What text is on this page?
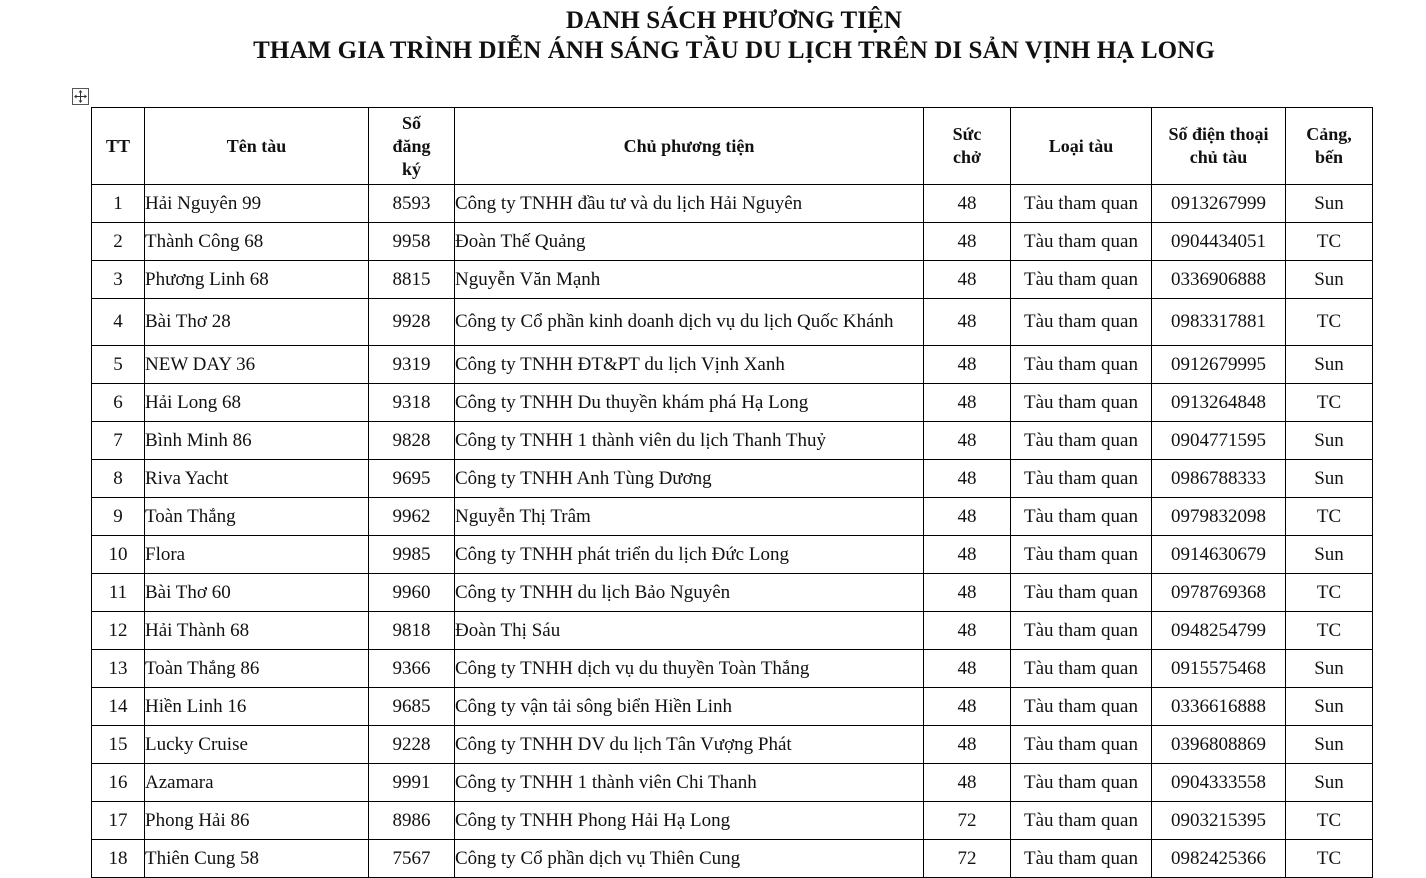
DANH SÁCH PHƯƠNG TIỆN
THAM GIA TRÌNH DIỄN ÁNH SÁNG TẦU DU LỊCH TRÊN DI SẢN VỊNH HẠ LONG
TT	Tên tàu	Số đăng ký	Chủ phương tiện	Sức chở	Loại tàu	Số điện thoại chủ tàu	Cảng, bến

1	Hải Nguyên 99	8593	Công ty TNHH đầu tư và du lịch Hải Nguyên	48	Tàu tham quan	0913267999	Sun
2	Thành Công 68	9958	Đoàn Thế Quảng	48	Tàu tham quan	0904434051	TC
3	Phương Linh 68	8815	Nguyễn Văn Mạnh	48	Tàu tham quan	0336906888	Sun
4	Bài Thơ 28	9928	Công ty Cổ phần kinh doanh dịch vụ du lịch Quốc Khánh	48	Tàu tham quan	0983317881	TC
5	NEW DAY 36	9319	Công ty TNHH ĐT&PT du lịch Vịnh Xanh	48	Tàu tham quan	0912679995	Sun
6	Hải Long 68	9318	Công ty TNHH Du thuyền khám phá Hạ Long	48	Tàu tham quan	0913264848	TC
7	Bình Minh 86	9828	Công ty TNHH 1 thành viên du lịch Thanh Thuỷ	48	Tàu tham quan	0904771595	Sun
8	Riva Yacht	9695	Công ty TNHH Anh Tùng Dương	48	Tàu tham quan	0986788333	Sun
9	Toàn Thắng	9962	Nguyễn Thị Trâm	48	Tàu tham quan	0979832098	TC
10	Flora	9985	Công ty TNHH phát triển du lịch Đức Long	48	Tàu tham quan	0914630679	Sun
11	Bài Thơ 60	9960	Công ty TNHH du lịch Bảo Nguyên	48	Tàu tham quan	0978769368	TC
12	Hải Thành 68	9818	Đoàn Thị Sáu	48	Tàu tham quan	0948254799	TC
13	Toàn Thắng 86	9366	Công ty TNHH dịch vụ du thuyền Toàn Thắng	48	Tàu tham quan	0915575468	Sun
14	Hiền Linh 16	9685	Công ty vận tải sông biển Hiền Linh	48	Tàu tham quan	0336616888	Sun
15	Lucky Cruise	9228	Công ty TNHH DV du lịch Tân Vượng Phát	48	Tàu tham quan	0396808869	Sun
16	Azamara	9991	Công ty TNHH 1 thành viên Chi Thanh	48	Tàu tham quan	0904333558	Sun
17	Phong Hải 86	8986	Công ty TNHH Phong Hải Hạ Long	72	Tàu tham quan	0903215395	TC
18	Thiên Cung 58	7567	Công ty Cổ phần dịch vụ Thiên Cung	72	Tàu tham quan	0982425366	TC
